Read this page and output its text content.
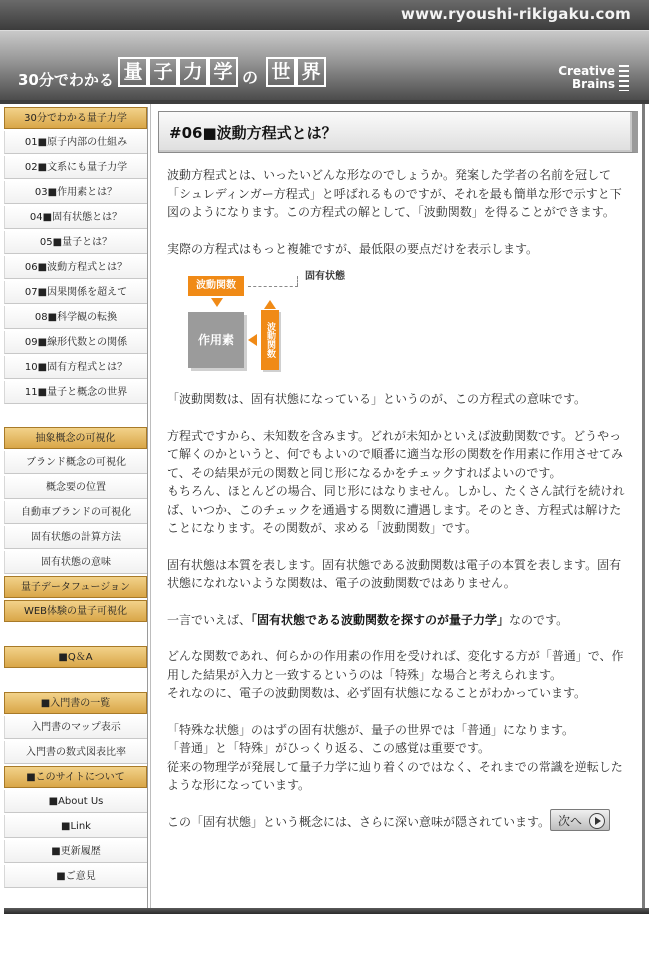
www.ryoushi-rikigaku.com
30分でわかる 量 子 力 学 の 世 界	Creative
Brains
30分でわかる量子力学
01■原子内部の仕組み
02■文系にも量子力学
03■作用素とは？
04■固有状態とは？
05■量子とは？
06■波動方程式とは？
07■因果関係を超えて
08■科学観の転換
09■線形代数との関係
10■固有方程式とは？
11■量子と概念の世界
抽象概念の可視化
ブランド概念の可視化
概念要の位置
自動車ブランドの可視化
固有状態の計算方法
固有状態の意味
量子データフュージョン
WEB体験の量子可視化
■Q＆A
■入門書の一覧
入門書のマップ表示
入門書の数式図表比率
■このサイトについて
■About Us
■Link
■更新履歴
■ご意見
#06■波動方程式とは？

波動方程式とは、いったいどんな形なのでしょうか。発案した学者の名前を冠して「シュレディンガー方程式」と呼ばれるものですが、それを最も簡単な形で示すと下図のようになります。この方程式の解として、「波動関数」を得ることができます。

実際の方程式はもっと複雑ですが、最低限の要点だけを表示します。

波動関数
固有状態
作用素	波動関数

「波動関数は、固有状態になっている」というのが、この方程式の意味です。

方程式ですから、未知数を含みます。どれが未知かといえば波動関数です。どうやって解くのかというと、何でもよいので順番に適当な形の関数を作用素に作用させてみて、その結果が元の関数と同じ形になるかをチェックすればよいのです。

もちろん、ほとんどの場合、同じ形にはなりません。しかし、たくさん試行を続ければ、いつか、このチェックを通過する関数に遭遇します。そのとき、方程式は解けたことになります。その関数が、求める「波動関数」です。

固有状態は本質を表します。固有状態である波動関数は電子の本質を表します。固有状態になれないような関数は、電子の波動関数ではありません。

一言でいえば、「固有状態である波動関数を探すのが量子力学」なのです。

どんな関数であれ、何らかの作用素の作用を受ければ、変化する方が「普通」で、作用した結果が入力と一致するというのは「特殊」な場合と考えられます。

それなのに、電子の波動関数は、必ず固有状態になることがわかっています。

「特殊な状態」のはずの固有状態が、量子の世界では「普通」になります。

「普通」と「特殊」がひっくり返る、この感覚は重要です。

従来の物理学が発展して量子力学に辿り着くのではなく、それまでの常識を逆転したような形になっています。

この「固有状態」という概念には、さらに深い意味が隠されています。 次へ
